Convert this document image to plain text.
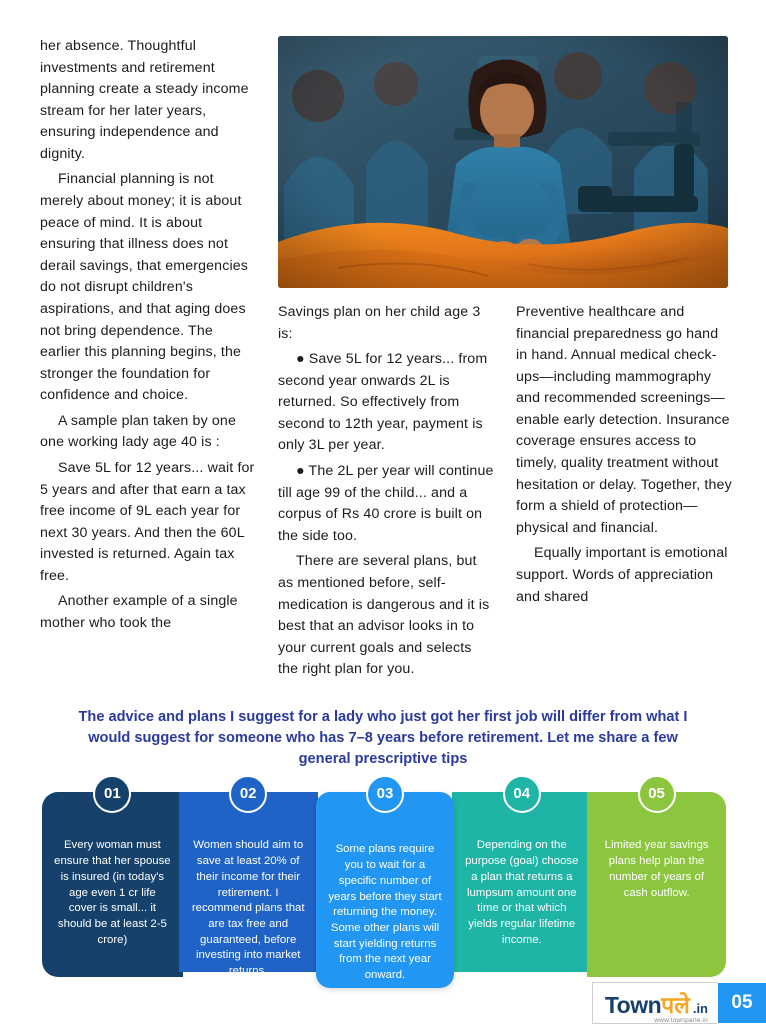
her absence. Thoughtful investments and retirement planning create a steady income stream for her later years, ensuring independence and dignity.

Financial planning is not merely about money; it is about peace of mind. It is about ensuring that illness does not derail savings, that emergencies do not disrupt children's aspirations, and that aging does not bring dependence. The earlier this planning begins, the stronger the foundation for confidence and choice.

A sample plan taken by one one working lady age 40 is :

Save 5L for 12 years... wait for 5 years and after that earn a tax free income of 9L each year for next 30 years. And then the 60L invested is returned. Again tax free.

Another example of a single mother who took the

Savings plan on her child age 3 is:

● Save 5L for 12 years... from second year onwards 2L is returned. So effectively from second to 12th year, payment is only 3L per year.

● The 2L per year will continue till age 99 of the child... and a corpus of Rs 40 crore is built on the side too.

There are several plans, but as mentioned before, self-medication is dangerous and it is best that an advisor looks in to your current goals and selects the right plan for you.

Preventive healthcare and financial preparedness go hand in hand. Annual medical check-ups—including mammography and recommended screenings—enable early detection. Insurance coverage ensures access to timely, quality treatment without hesitation or delay. Together, they form a shield of protection—physical and financial.

Equally important is emotional support. Words of appreciation and shared

The advice and plans I suggest for a lady who just got her first job will differ from what I would suggest for someone who has 7–8 years before retirement. Let me share a few general prescriptive tips
01
Every woman must ensure that her spouse is insured (in today's age even 1 cr life cover is small... it should be at least 2-5 crore)
02
Women should aim to save at least 20% of their income for their retirement. I recommend plans that are tax free and guaranteed, before investing into market returns.
03
Some plans require you to wait for a specific number of years before they start returning the money. Some other plans will start yielding returns from the next year onward.
04
Depending on the purpose (goal) choose a plan that returns a lumpsum amount one time or that which yields regular lifetime income.
05
Limited year savings plans help plan the number of years of cash outflow.
Town पले .in
www.townparle.in
05
